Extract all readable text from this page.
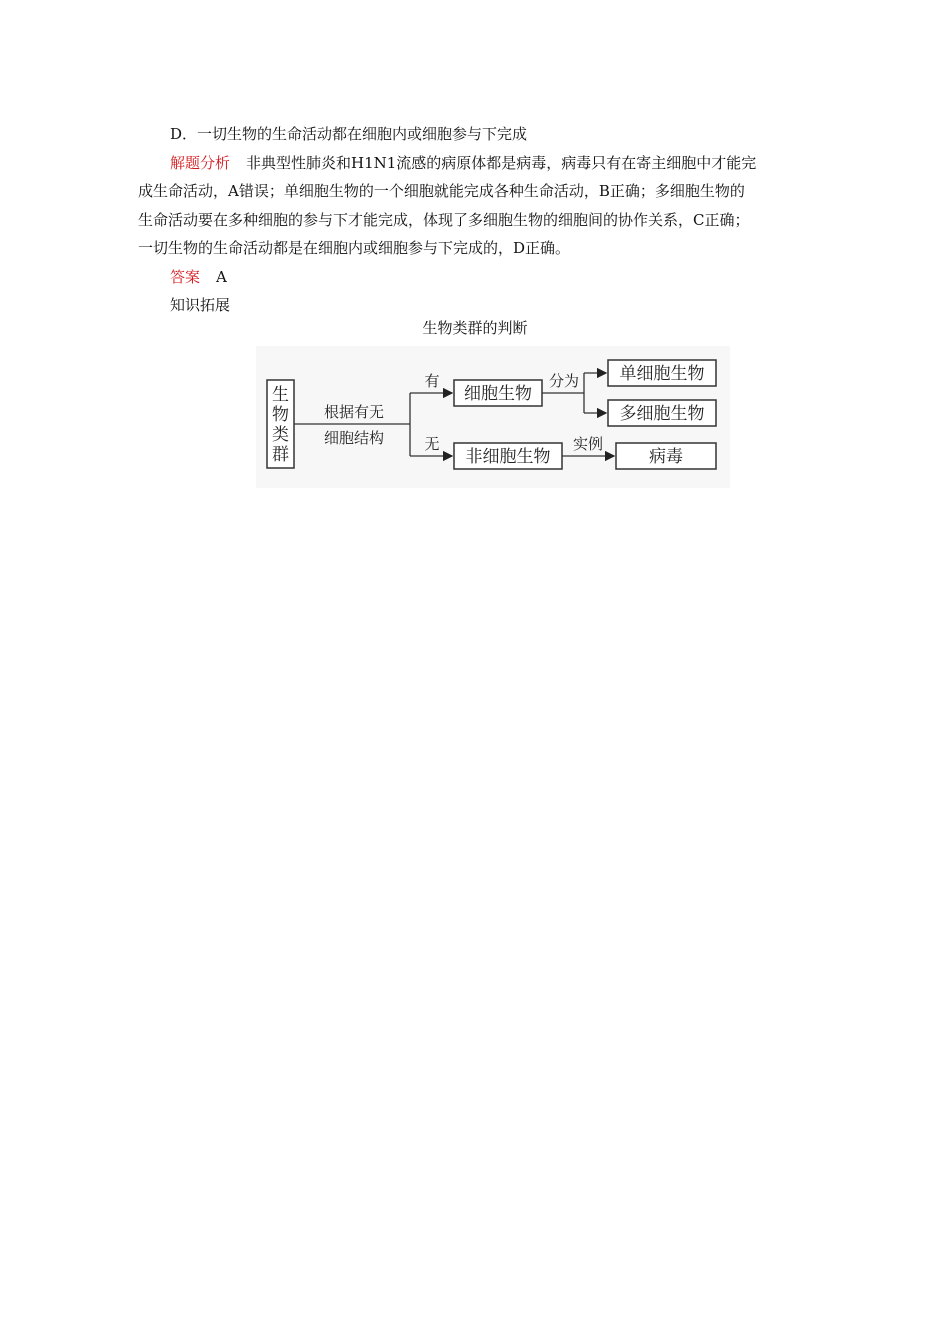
D．一切生物的生命活动都在细胞内或细胞参与下完成
解题分析 非典型性肺炎和H1N1流感的病原体都是病毒，病毒只有在寄主细胞中才能完
成生命活动，A错误；单细胞生物的一个细胞就能完成各种生命活动，B正确；多细胞生物的
生命活动要在多种细胞的参与下才能完成，体现了多细胞生物的细胞间的协作关系，C正确；
一切生物的生命活动都是在细胞内或细胞参与下完成的，D正确。
答案 A
知识拓展
生物类群的判断
生
物
类
群
根据有无
细胞结构
有
无
细胞生物
分为 单细胞生物
多细胞生物
非细胞生物
实例
病毒
